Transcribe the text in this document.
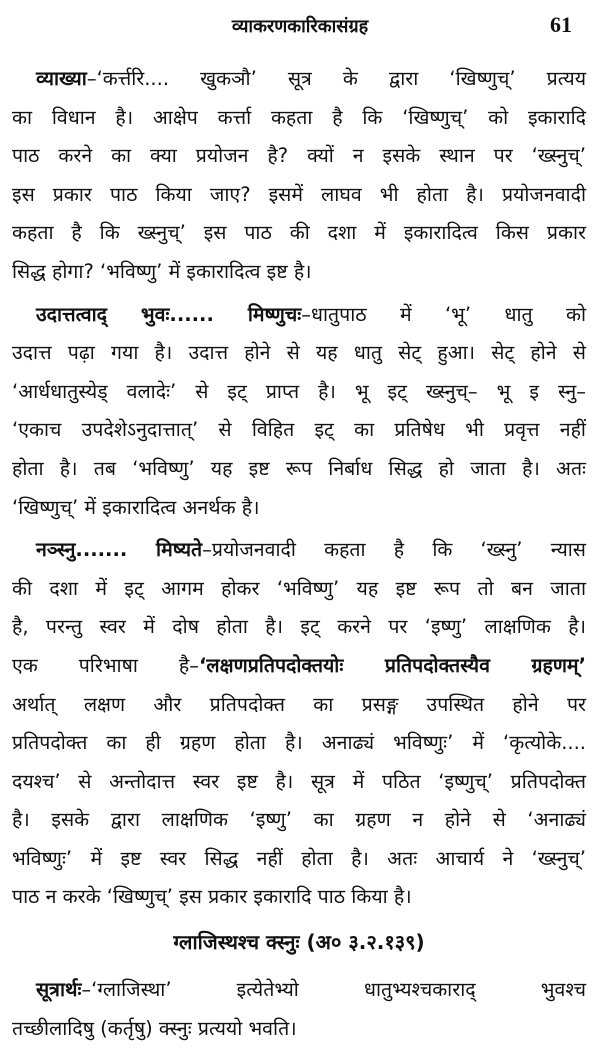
व्याकरणकारिकासंग्रह	61
व्याख्या–‘कर्त्तरि.... खुकञौ’ सूत्र के द्वारा ‘खिष्णुच्’ प्रत्यय
का विधान है। आक्षेप कर्त्ता कहता है कि ‘खिष्णुच्’ को इकारादि
पाठ करने का क्या प्रयोजन है? क्यों न इसके स्थान पर ‘ख्स्नुच्’
इस प्रकार पाठ किया जाए? इसमें लाघव भी होता है। प्रयोजनवादी
कहता है कि ख्स्नुच्’ इस पाठ की दशा में इकारादित्व किस प्रकार
सिद्ध होगा? ‘भविष्णु’ में इकारादित्व इष्ट है।
उदात्तत्वाद् भुवः...... मिष्णुचः–धातुपाठ में ‘भू’ धातु को
उदात्त पढ़ा गया है। उदात्त होने से यह धातु सेट् हुआ। सेट् होने से
‘आर्धधातुस्येड् वलादेः’ से इट् प्राप्त है। भू इट् ख्स्नुच्– भू इ स्नु–
‘एकाच उपदेशेऽनुदात्तात्’ से विहित इट् का प्रतिषेध भी प्रवृत्त नहीं
होता है। तब ‘भविष्णु’ यह इष्ट रूप निर्बाध सिद्ध हो जाता है। अतः
‘खिष्णुच्’ में इकारादित्व अनर्थक है।
नञ्स्नु....... मिष्यते–प्रयोजनवादी कहता है कि ‘ख्स्नु’ न्यास
की दशा में इट् आगम होकर ‘भविष्णु’ यह इष्ट रूप तो बन जाता
है, परन्तु स्वर में दोष होता है। इट् करने पर ‘इष्णु’ लाक्षणिक है।
एक परिभाषा है–‘लक्षणप्रतिपदोक्तयोः प्रतिपदोक्तस्यैव ग्रहणम्’
अर्थात् लक्षण और प्रतिपदोक्त का प्रसङ्ग उपस्थित होने पर
प्रतिपदोक्त का ही ग्रहण होता है। अनाढ्यं भविष्णुः’ में ‘कृत्योके....
दयश्च’ से अन्तोदात्त स्वर इष्ट है। सूत्र में पठित ‘इष्णुच्’ प्रतिपदोक्त
है। इसके द्वारा लाक्षणिक ‘इष्णु’ का ग्रहण न होने से ‘अनाढ्यं
भविष्णुः’ में इष्ट स्वर सिद्ध नहीं होता है। अतः आचार्य ने ‘ख्स्नुच्’
पाठ न करके ‘खिष्णुच्’ इस प्रकार इकारादि पाठ किया है।
ग्लाजिस्थश्च क्स्नुः (अ० ३.२.१३९)
सूत्रार्थः–‘ग्लाजिस्था’ इत्येतेभ्यो धातुभ्यश्चकाराद् भुवश्च
तच्छीलादिषु (कर्तृषु) क्स्नुः प्रत्ययो भवति।
